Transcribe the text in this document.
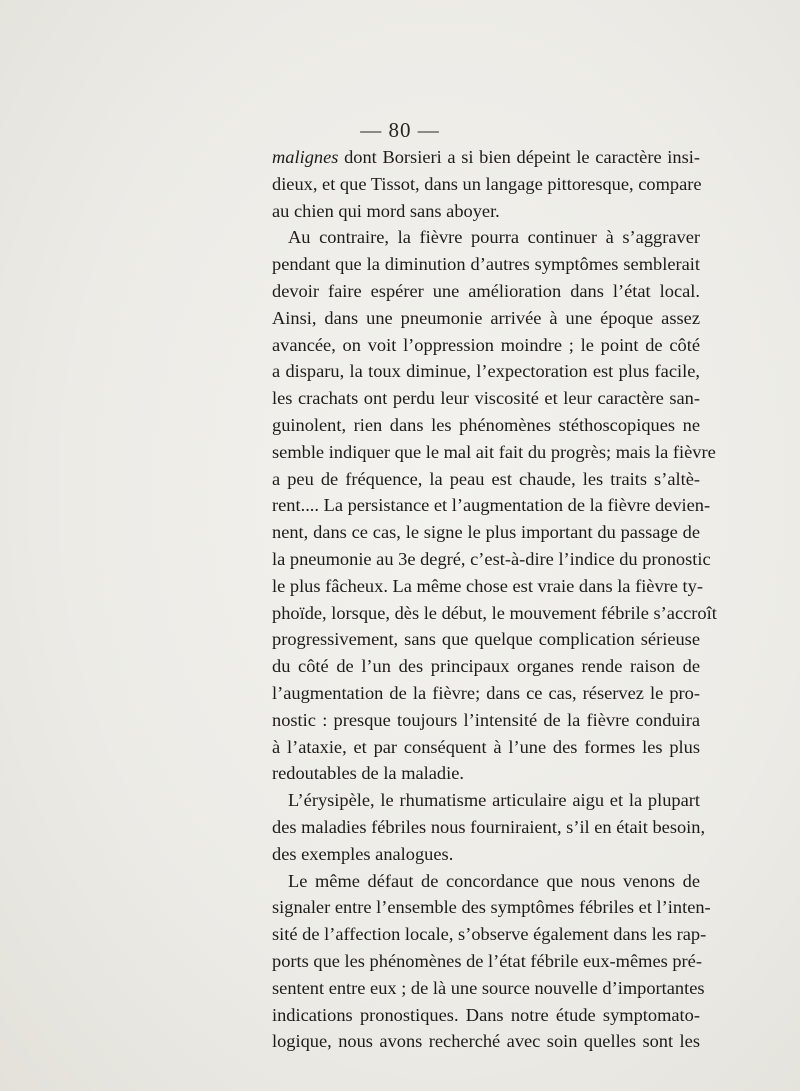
— 80 —
malignes dont Borsieri a si bien dépeint le caractère insi-
dieux, et que Tissot, dans un langage pittoresque, compare
au chien qui mord sans aboyer.
Au contraire, la fièvre pourra continuer à s’aggraver
pendant que la diminution d’autres symptômes semblerait
devoir faire espérer une amélioration dans l’état local.
Ainsi, dans une pneumonie arrivée à une époque assez
avancée, on voit l’oppression moindre ; le point de côté
a disparu, la toux diminue, l’expectoration est plus facile,
les crachats ont perdu leur viscosité et leur caractère san-
guinolent, rien dans les phénomènes stéthoscopiques ne
semble indiquer que le mal ait fait du progrès; mais la fièvre
a peu de fréquence, la peau est chaude, les traits s’altè-
rent.... La persistance et l’augmentation de la fièvre devien-
nent, dans ce cas, le signe le plus important du passage de
la pneumonie au 3e degré, c’est-à-dire l’indice du pronostic
le plus fâcheux. La même chose est vraie dans la fièvre ty-
phoïde, lorsque, dès le début, le mouvement fébrile s’accroît
progressivement, sans que quelque complication sérieuse
du côté de l’un des principaux organes rende raison de
l’augmentation de la fièvre; dans ce cas, réservez le pro-
nostic : presque toujours l’intensité de la fièvre conduira
à l’ataxie, et par conséquent à l’une des formes les plus
redoutables de la maladie.
L’érysipèle, le rhumatisme articulaire aigu et la plupart
des maladies fébriles nous fourniraient, s’il en était besoin,
des exemples analogues.
Le même défaut de concordance que nous venons de
signaler entre l’ensemble des symptômes fébriles et l’inten-
sité de l’affection locale, s’observe également dans les rap-
ports que les phénomènes de l’état fébrile eux-mêmes pré-
sentent entre eux ; de là une source nouvelle d’importantes
indications pronostiques. Dans notre étude symptomato-
logique, nous avons recherché avec soin quelles sont les
